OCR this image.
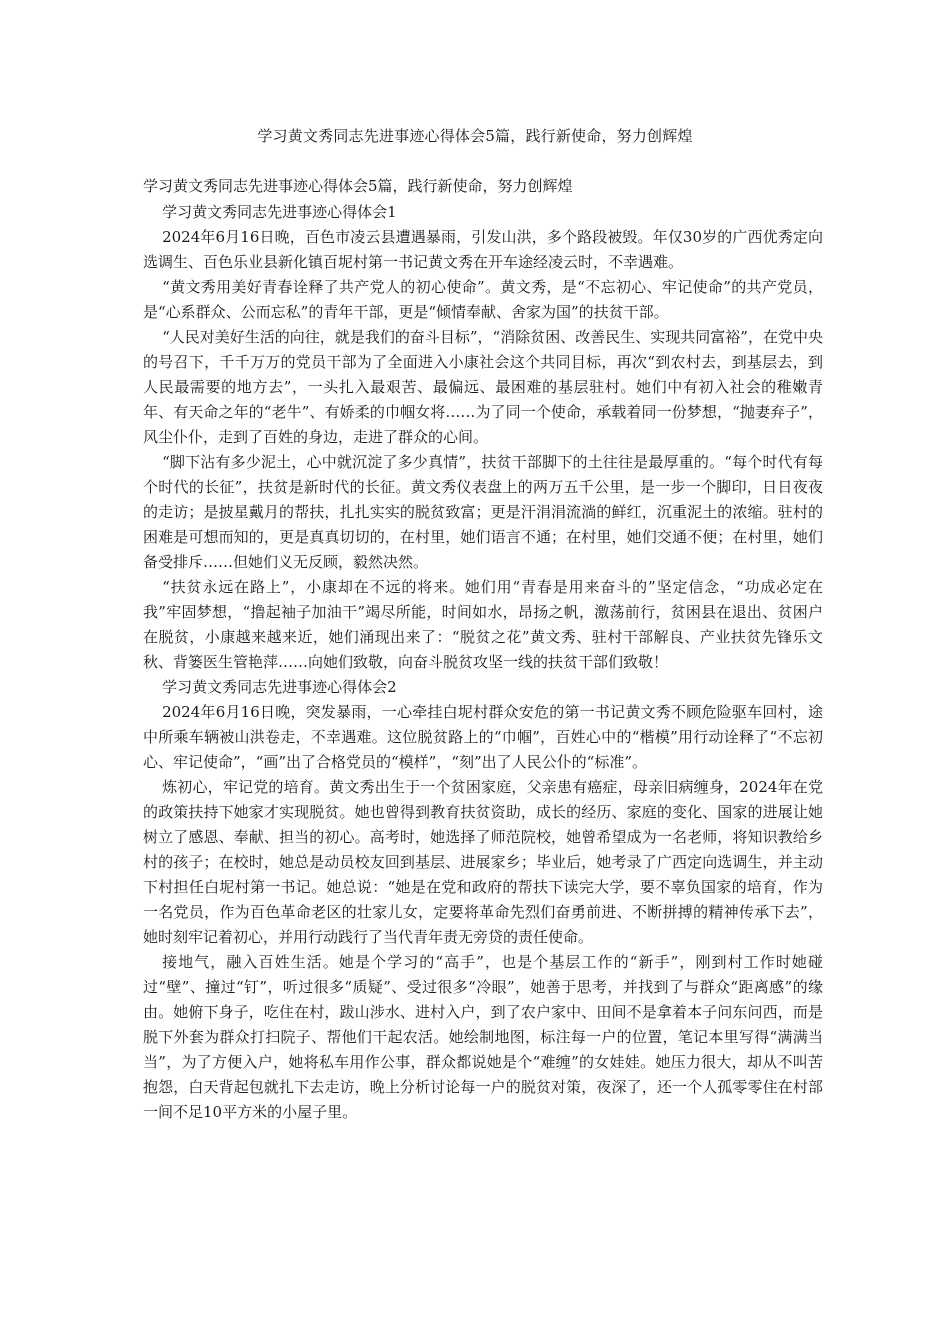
学习黄文秀同志先进事迹心得体会5篇，践行新使命，努力创辉煌

学习黄文秀同志先进事迹心得体会5篇，践行新使命，努力创辉煌

学习黄文秀同志先进事迹心得体会1

2024年6月16日晚，百色市凌云县遭遇暴雨，引发山洪，多个路段被毁。年仅30岁的广西优秀定向选调生、百色乐业县新化镇百坭村第一书记黄文秀在开车途经凌云时，不幸遇难。

“黄文秀用美好青春诠释了共产党人的初心使命”。黄文秀，是“不忘初心、牢记使命”的共产党员，是“心系群众、公而忘私”的青年干部，更是“倾情奉献、舍家为国”的扶贫干部。

“人民对美好生活的向往，就是我们的奋斗目标”，“消除贫困、改善民生、实现共同富裕”，在党中央的号召下，千千万万的党员干部为了全面进入小康社会这个共同目标，再次“到农村去，到基层去，到人民最需要的地方去”，一头扎入最艰苦、最偏远、最困难的基层驻村。她们中有初入社会的稚嫩青年、有天命之年的“老牛”、有娇柔的巾帼女将……为了同一个使命，承载着同一份梦想，“抛妻弃子”，风尘仆仆，走到了百姓的身边，走进了群众的心间。

“脚下沾有多少泥土，心中就沉淀了多少真情”，扶贫干部脚下的土往往是最厚重的。“每个时代有每个时代的长征”，扶贫是新时代的长征。黄文秀仪表盘上的两万五千公里，是一步一个脚印，日日夜夜的走访；是披星戴月的帮扶，扎扎实实的脱贫致富；更是汗涓涓流淌的鲜红，沉重泥土的浓缩。驻村的困难是可想而知的，更是真真切切的，在村里，她们语言不通；在村里，她们交通不便；在村里，她们备受排斥……但她们义无反顾，毅然决然。

“扶贫永远在路上”，小康却在不远的将来。她们用“青春是用来奋斗的”坚定信念，“功成必定在我”牢固梦想，“撸起袖子加油干”竭尽所能，时间如水，昂扬之帆，激荡前行，贫困县在退出、贫困户在脱贫，小康越来越来近，她们涌现出来了：“脱贫之花”黄文秀、驻村干部解良、产业扶贫先锋乐文秋、背篓医生管艳萍……向她们致敬，向奋斗脱贫攻坚一线的扶贫干部们致敬！

学习黄文秀同志先进事迹心得体会2

2024年6月16日晚，突发暴雨，一心牵挂白坭村群众安危的第一书记黄文秀不顾危险驱车回村，途中所乘车辆被山洪卷走，不幸遇难。这位脱贫路上的“巾帼”，百姓心中的“楷模”用行动诠释了“不忘初心、牢记使命”，“画”出了合格党员的“模样”，“刻”出了人民公仆的“标准”。

炼初心，牢记党的培育。黄文秀出生于一个贫困家庭，父亲患有癌症，母亲旧病缠身，2024年在党的政策扶持下她家才实现脱贫。她也曾得到教育扶贫资助，成长的经历、家庭的变化、国家的进展让她树立了感恩、奉献、担当的初心。高考时，她选择了师范院校，她曾希望成为一名老师，将知识教给乡村的孩子；在校时，她总是动员校友回到基层、进展家乡；毕业后，她考录了广西定向选调生，并主动下村担任白坭村第一书记。她总说：“她是在党和政府的帮扶下读完大学，要不辜负国家的培育，作为一名党员，作为百色革命老区的壮家儿女，定要将革命先烈们奋勇前进、不断拼搏的精神传承下去”，她时刻牢记着初心，并用行动践行了当代青年责无旁贷的责任使命。

接地气，融入百姓生活。她是个学习的“高手”，也是个基层工作的“新手”，刚到村工作时她碰过“壁”、撞过“钉”，听过很多“质疑”、受过很多“冷眼”，她善于思考，并找到了与群众“距离感”的缘由。她俯下身子，吃住在村，跋山涉水、进村入户，到了农户家中、田间不是拿着本子问东问西，而是脱下外套为群众打扫院子、帮他们干起农活。她绘制地图，标注每一户的位置，笔记本里写得“满满当当”，为了方便入户，她将私车用作公事，群众都说她是个“难缠”的女娃娃。她压力很大，却从不叫苦抱怨，白天背起包就扎下去走访，晚上分析讨论每一户的脱贫对策，夜深了，还一个人孤零零住在村部一间不足10平方米的小屋子里。
